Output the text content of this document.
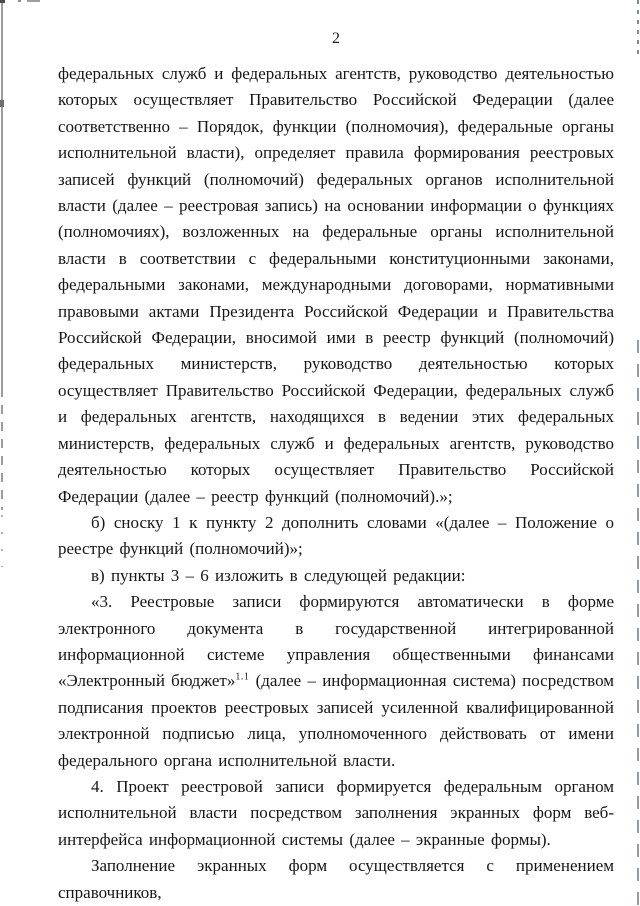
2

федеральных служб и федеральных агентств, руководство деятельностью которых осуществляет Правительство Российской Федерации (далее соответственно – Порядок, функции (полномочия), федеральные органы исполнительной власти), определяет правила формирования реестровых записей функций (полномочий) федеральных органов исполнительной власти (далее – реестровая запись) на основании информации о функциях (полномочиях), возложенных на федеральные органы исполнительной власти в соответствии с федеральными конституционными законами, федеральными законами, международными договорами, нормативными правовыми актами Президента Российской Федерации и Правительства Российской Федерации, вносимой ими в реестр функций (полномочий) федеральных министерств, руководство деятельностью которых осуществляет Правительство Российской Федерации, федеральных служб и федеральных агентств, находящихся в ведении этих федеральных министерств, федеральных служб и федеральных агентств, руководство деятельностью которых осуществляет Правительство Российской Федерации (далее – реестр функций (полномочий).»;

б) сноску 1 к пункту 2 дополнить словами «(далее – Положение о реестре функций (полномочий)»;

в) пункты 3 – 6 изложить в следующей редакции:

«3. Реестровые записи формируются автоматически в форме электронного документа в государственной интегрированной информационной системе управления общественными финансами «Электронный бюджет»$^{1.1}$ (далее – информационная система) посредством подписания проектов реестровых записей усиленной квалифицированной электронной подписью лица, уполномоченного действовать от имени федерального органа исполнительной власти.

4. Проект реестровой записи формируется федеральным органом исполнительной власти посредством заполнения экранных форм веб-интерфейса информационной системы (далее – экранные формы).

Заполнение экранных форм осуществляется с применением справочников,
